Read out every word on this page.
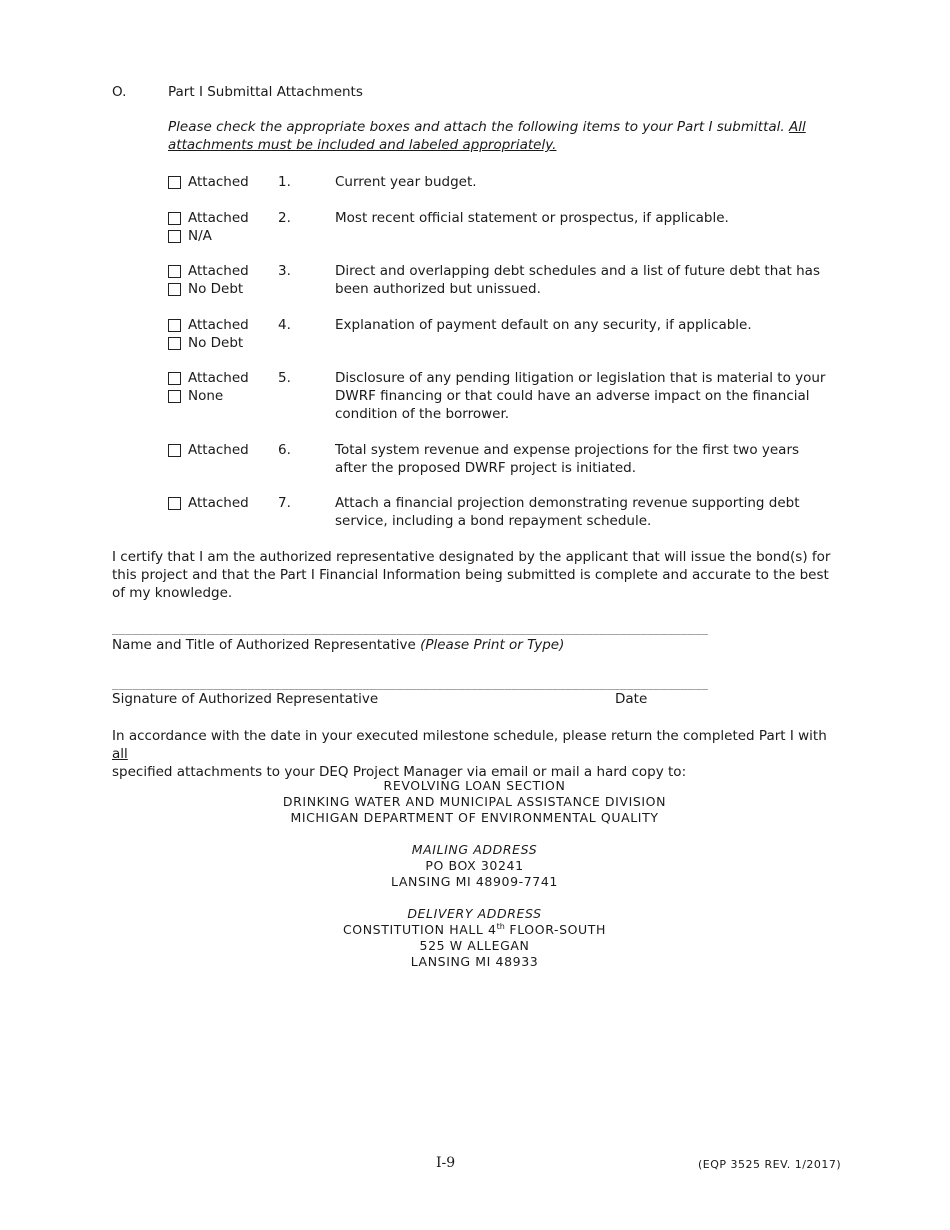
O.	Part I Submittal Attachments
Please check the appropriate boxes and attach the following items to your Part I submittal. All attachments must be included and labeled appropriately.
Attached 1.	Current year budget.
Attached
N/A
2.	Most recent official statement or prospectus, if applicable.
Attached
No Debt
3.	Direct and overlapping debt schedules and a list of future debt that has been authorized but unissued.
Attached
No Debt
4.	Explanation of payment default on any security, if applicable.
Attached
None
5.	Disclosure of any pending litigation or legislation that is material to your DWRF financing or that could have an adverse impact on the financial condition of the borrower.
Attached 6.	Total system revenue and expense projections for the first two years after the proposed DWRF project is initiated.
Attached 7.	Attach a financial projection demonstrating revenue supporting debt service, including a bond repayment schedule.
I certify that I am the authorized representative designated by the applicant that will issue the bond(s) for this project and that the Part I Financial Information being submitted is complete and accurate to the best of my knowledge.
________________________________________________________________________________________
Name and Title of Authorized Representative (Please Print or Type)
________________________________________________________________________________________
Signature of Authorized Representative	Date
In accordance with the date in your executed milestone schedule, please return the completed Part I with all
specified attachments to your DEQ Project Manager via email or mail a hard copy to:
REVOLVING LOAN SECTION
DRINKING WATER AND MUNICIPAL ASSISTANCE DIVISION
MICHIGAN DEPARTMENT OF ENVIRONMENTAL QUALITY
MAILING ADDRESS
PO BOX 30241
LANSING MI 48909-7741
DELIVERY ADDRESS
CONSTITUTION HALL 4th FLOOR-SOUTH
525 W ALLEGAN
LANSING MI 48933
I-9	(EQP 3525 REV. 1/2017)
